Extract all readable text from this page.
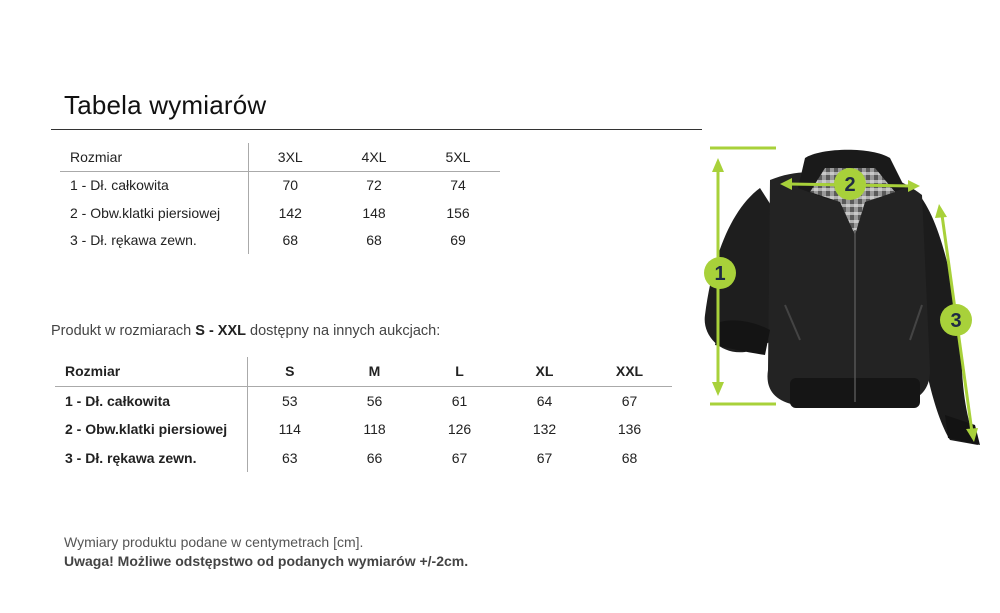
Tabela wymiarów
Rozmiar	3XL	4XL	5XL
1 - Dł. całkowita	70	72	74
2 - Obw.klatki piersiowej	142	148	156
3 - Dł. rękawa zewn.	68	68	69
Produkt w rozmiarach S - XXL dostępny na innych aukcjach:
Rozmiar	S	M	L	XL	XXL
1 - Dł. całkowita	53	56	61	64	67
2 - Obw.klatki piersiowej	114	118	126	132	136
3 - Dł. rękawa zewn.	63	66	67	67	68
Wymiary produktu podane w centymetrach [cm].
Uwaga! Możliwe odstępstwo od podanych wymiarów +/-2cm.
1
2
3
